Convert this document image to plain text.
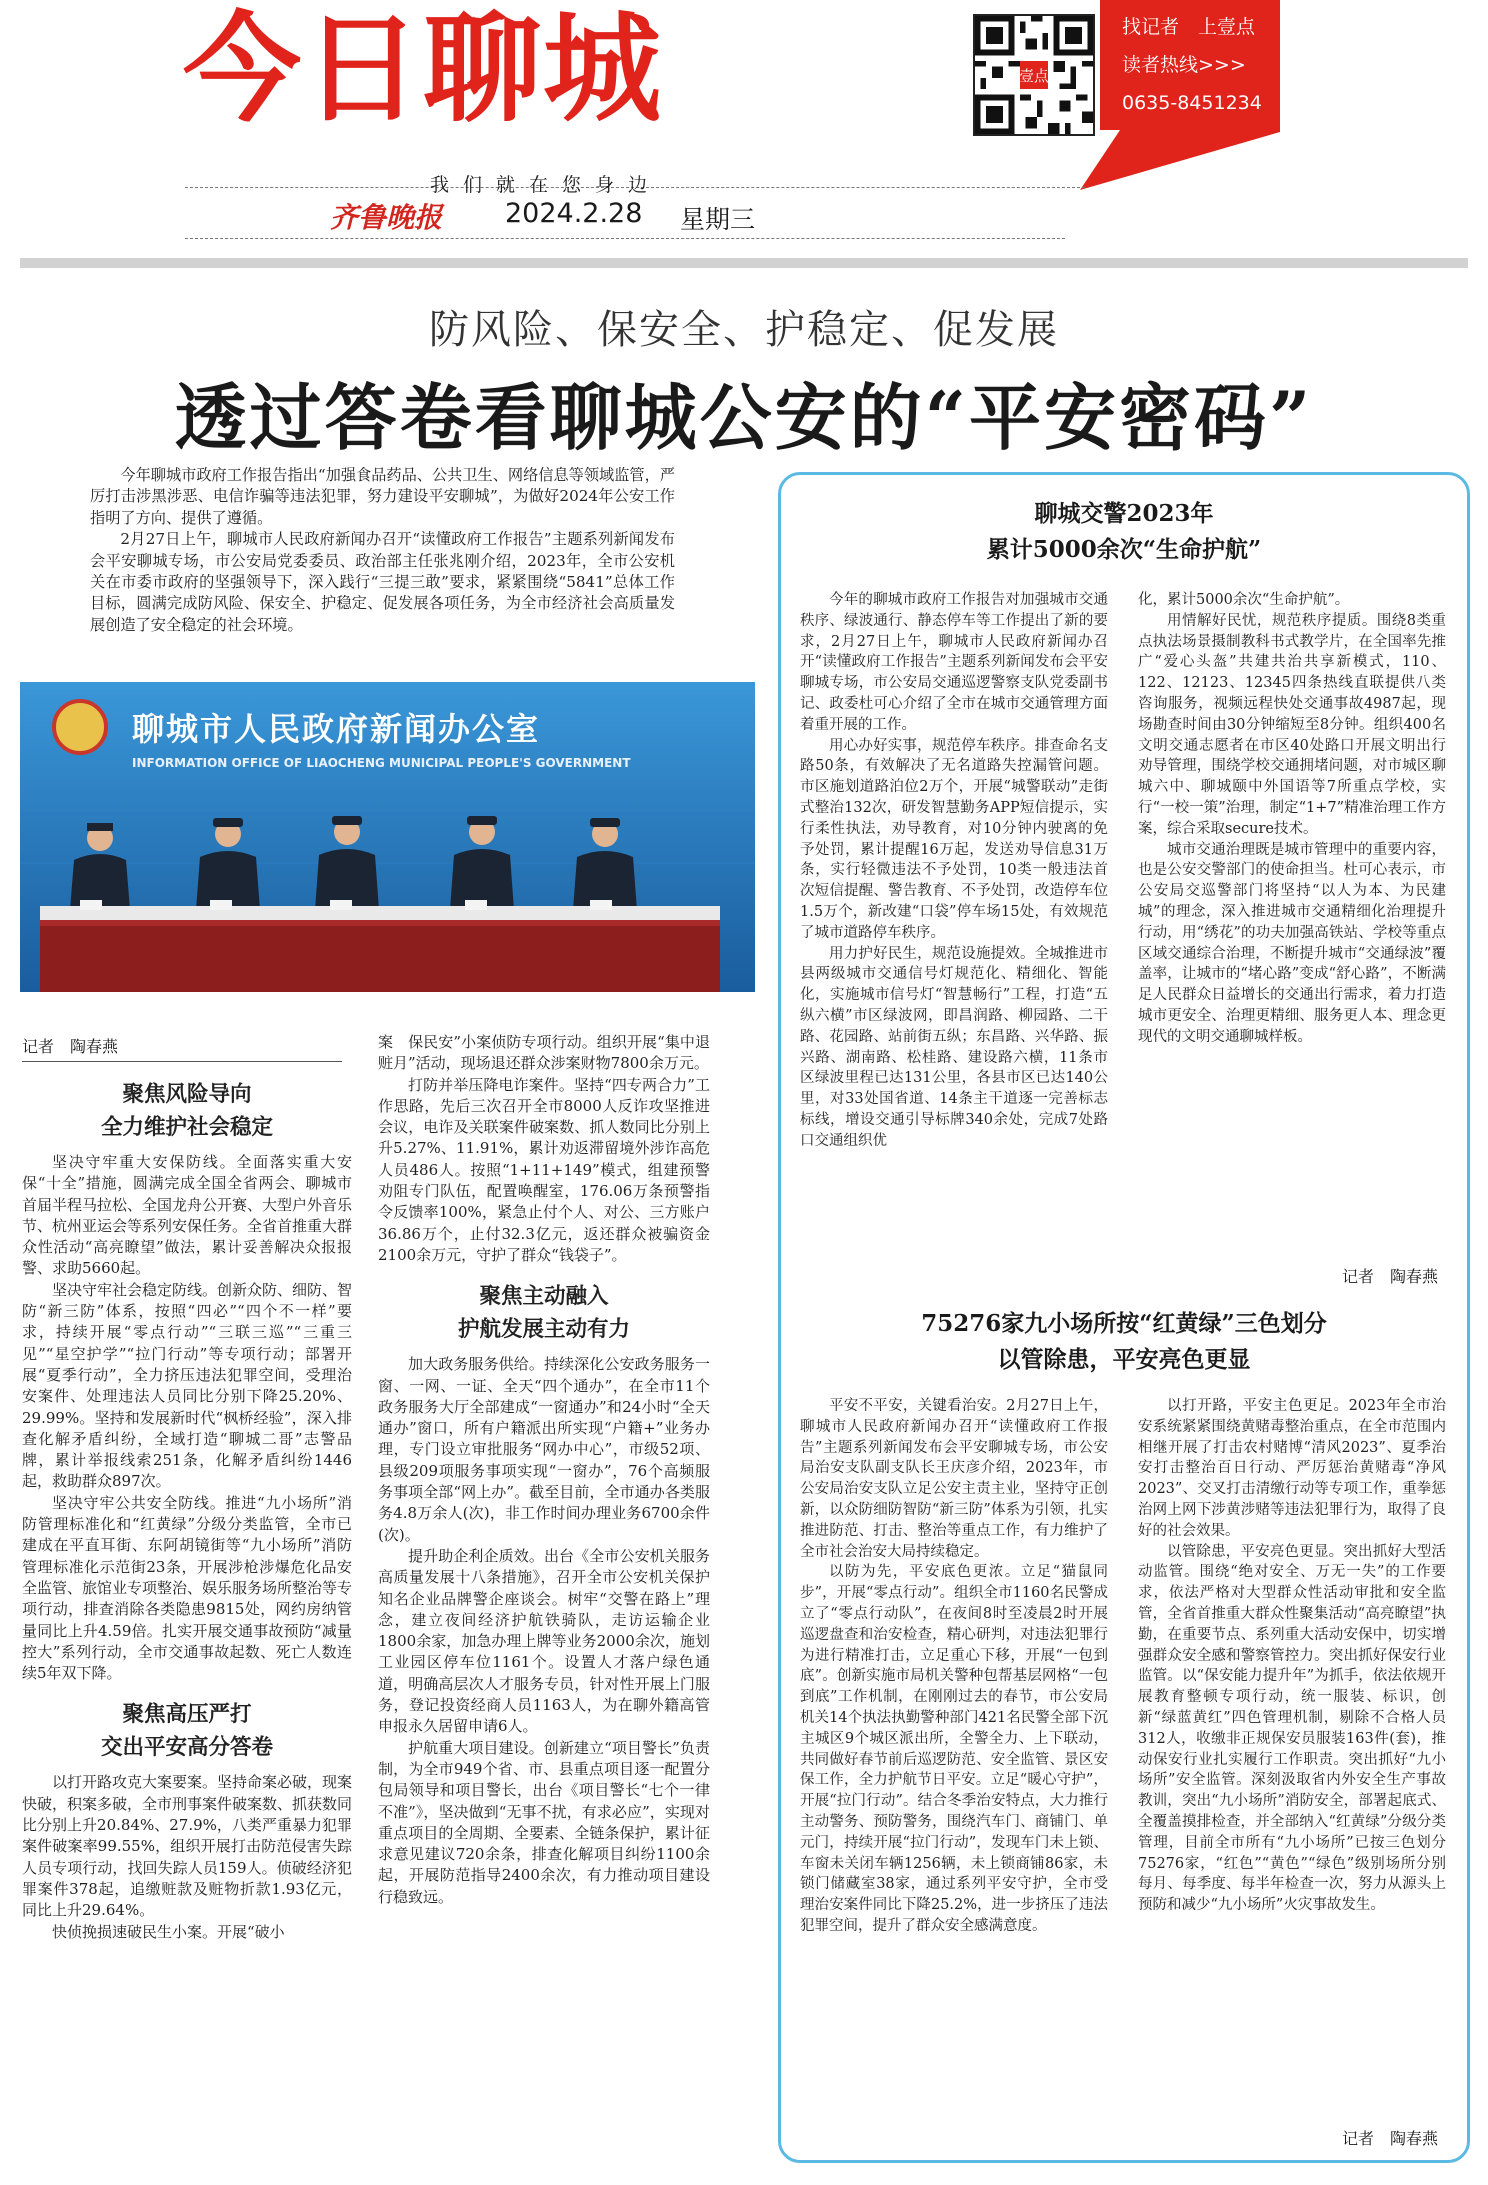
今日聊城	壹点
找记者　上壹点
读者热线>>>
0635-8451234
我们就在您身边
齐鲁晚报 2024.2.28 星期三
防风险、保安全、护稳定、促发展
透过答卷看聊城公安的“平安密码”

今年聊城市政府工作报告指出“加强食品药品、公共卫生、网络信息等领域监管，严厉打击涉黑涉恶、电信诈骗等违法犯罪，努力建设平安聊城”，为做好2024年公安工作指明了方向、提供了遵循。

2月27日上午，聊城市人民政府新闻办召开“读懂政府工作报告”主题系列新闻发布会平安聊城专场，市公安局党委委员、政治部主任张兆刚介绍，2023年，全市公安机关在市委市政府的坚强领导下，深入践行“三提三敢”要求，紧紧围绕“5841”总体工作目标，圆满完成防风险、保安全、护稳定、促发展各项任务，为全市经济社会高质量发展创造了安全稳定的社会环境。

聊城市人民政府新闻办公室
INFORMATION OFFICE OF LIAOCHENG MUNICIPAL PEOPLE'S GOVERNMENT
记者　陶春燕
聚焦风险导向
全力维护社会稳定

坚决守牢重大安保防线。全面落实重大安保“十全”措施，圆满完成全国全省两会、聊城市首届半程马拉松、全国龙舟公开赛、大型户外音乐节、杭州亚运会等系列安保任务。全省首推重大群众性活动“高亮瞭望”做法，累计妥善解决众报报警、求助5660起。

坚决守牢社会稳定防线。创新众防、细防、智防“新三防”体系，按照“四必”“四个不一样”要求，持续开展“零点行动”“三联三巡”“三重三见”“星空护学”“拉门行动”等专项行动；部署开展“夏季行动”，全力挤压违法犯罪空间，受理治安案件、处理违法人员同比分别下降25.20%、29.99%。坚持和发展新时代“枫桥经验”，深入排查化解矛盾纠纷，全域打造“聊城二哥”志警品牌，累计举报线索251条，化解矛盾纠纷1446起，救助群众897次。

坚决守牢公共安全防线。推进“九小场所”消防管理标准化和“红黄绿”分级分类监管，全市已建成在平直耳街、东阿胡镜街等“九小场所”消防管理标准化示范街23条，开展涉枪涉爆危化品安全监管、旅馆业专项整治、娱乐服务场所整治等专项行动，排查消除各类隐患9815处，网约房纳管量同比上升4.59倍。扎实开展交通事故预防“减量控大”系列行动，全市交通事故起数、死亡人数连续5年双下降。

聚焦高压严打
交出平安高分答卷

以打开路攻克大案要案。坚持命案必破，现案快破，积案多破，全市刑事案件破案数、抓获数同比分别上升20.84%、27.9%，八类严重暴力犯罪案件破案率99.55%，组织开展打击防范侵害失踪人员专项行动，找回失踪人员159人。侦破经济犯罪案件378起，追缴赃款及赃物折款1.93亿元，同比上升29.64%。

快侦挽损速破民生小案。开展“破小

案　保民安”小案侦防专项行动。组织开展“集中退赃月”活动，现场退还群众涉案财物7800余万元。

打防并举压降电诈案件。坚持“四专两合力”工作思路，先后三次召开全市8000人反诈攻坚推进会议，电诈及关联案件破案数、抓人数同比分别上升5.27%、11.91%，累计劝返滞留境外涉诈高危人员486人。按照“1+11+149”模式，组建预警劝阻专门队伍，配置唤醒室，176.06万条预警指令反馈率100%，紧急止付个人、对公、三方账户36.86万个，止付32.3亿元，返还群众被骗资金2100余万元，守护了群众“钱袋子”。

聚焦主动融入
护航发展主动有力

加大政务服务供给。持续深化公安政务服务一窗、一网、一证、全天“四个通办”，在全市11个政务服务大厅全部建成“一窗通办”和24小时“全天通办”窗口，所有户籍派出所实现“户籍+”业务办理，专门设立审批服务“网办中心”，市级52项、县级209项服务事项实现“一窗办”，76个高频服务事项全部“网上办”。截至目前，全市通办各类服务4.8万余人(次)，非工作时间办理业务6700余件(次)。

提升助企利企质效。出台《全市公安机关服务高质量发展十八条措施》，召开全市公安机关保护知名企业品牌警企座谈会。树牢“交警在路上”理念，建立夜间经济护航铁骑队，走访运输企业1800余家，加急办理上牌等业务2000余次，施划工业园区停车位1161个。设置人才落户绿色通道，明确高层次人才服务专员，针对性开展上门服务，登记投资经商人员1163人，为在聊外籍高管申报永久居留申请6人。

护航重大项目建设。创新建立“项目警长”负责制，为全市949个省、市、县重点项目逐一配置分包局领导和项目警长，出台《项目警长“七个一律不准”》，坚决做到“无事不扰，有求必应”，实现对重点项目的全周期、全要素、全链条保护，累计征求意见建议720余条，排查化解项目纠纷1100余起，开展防范指导2400余次，有力推动项目建设行稳致远。

聊城交警2023年
累计5000余次“生命护航”

今年的聊城市政府工作报告对加强城市交通秩序、绿波通行、静态停车等工作提出了新的要求，2月27日上午，聊城市人民政府新闻办召开“读懂政府工作报告”主题系列新闻发布会平安聊城专场，市公安局交通巡逻警察支队党委副书记、政委杜可心介绍了全市在城市交通管理方面着重开展的工作。

用心办好实事，规范停车秩序。排查命名支路50条，有效解决了无名道路失控漏管问题。市区施划道路泊位2万个，开展“城警联动”走街式整治132次，研发智慧勤务APP短信提示，实行柔性执法，劝导教育，对10分钟内驶离的免予处罚，累计提醒16万起，发送劝导信息31万条，实行轻微违法不予处罚，10类一般违法首次短信提醒、警告教育、不予处罚，改造停车位1.5万个，新改建“口袋”停车场15处，有效规范了城市道路停车秩序。

用力护好民生，规范设施提效。全城推进市县两级城市交通信号灯规范化、精细化、智能化，实施城市信号灯“智慧畅行”工程，打造“五纵六横”市区绿波网，即昌润路、柳园路、二干路、花园路、站前街五纵；东昌路、兴华路、振兴路、湖南路、松桂路、建设路六横，11条市区绿波里程已达131公里，各县市区已达140公里，对33处国省道、14条主干道逐一完善标志标线，增设交通引导标牌340余处，完成7处路口交通组织优

化，累计5000余次“生命护航”。

用情解好民忧，规范秩序提质。围绕8类重点执法场景摄制教科书式教学片，在全国率先推广“爱心头盔”共建共治共享新模式，110、122、12123、12345四条热线直联提供八类咨询服务，视频远程快处交通事故4987起，现场勘查时间由30分钟缩短至8分钟。组织400名文明交通志愿者在市区40处路口开展文明出行劝导管理，围绕学校交通拥堵问题，对市城区聊城六中、聊城颐中外国语等7所重点学校，实行“一校一策”治理，制定“1+7”精准治理工作方案，综合采取secure技术。

城市交通治理既是城市管理中的重要内容，也是公安交警部门的使命担当。杜可心表示，市公安局交巡警部门将坚持“以人为本、为民建城”的理念，深入推进城市交通精细化治理提升行动，用“绣花”的功夫加强高铁站、学校等重点区域交通综合治理，不断提升城市“交通绿波”覆盖率，让城市的“堵心路”变成“舒心路”，不断满足人民群众日益增长的交通出行需求，着力打造城市更安全、治理更精细、服务更人本、理念更现代的文明交通聊城样板。

记者　陶春燕
75276家九小场所按“红黄绿”三色划分
以管除患，平安亮色更显

平安不平安，关键看治安。2月27日上午，聊城市人民政府新闻办召开“读懂政府工作报告”主题系列新闻发布会平安聊城专场，市公安局治安支队副支队长王庆彦介绍，2023年，市公安局治安支队立足公安主责主业，坚持守正创新，以众防细防智防“新三防”体系为引领，扎实推进防范、打击、整治等重点工作，有力维护了全市社会治安大局持续稳定。

以防为先，平安底色更浓。立足“猫鼠同步”，开展“零点行动”。组织全市1160名民警成立了“零点行动队”，在夜间8时至凌晨2时开展巡逻盘查和治安检查，精心研判，对违法犯罪行为进行精准打击，立足重心下移，开展“一包到底”。创新实施市局机关警种包帮基层网格“一包到底”工作机制，在刚刚过去的春节，市公安局机关14个执法执勤警种部门421名民警全部下沉主城区9个城区派出所，全警全力、上下联动，共同做好春节前后巡逻防范、安全监管、景区安保工作，全力护航节日平安。立足“暖心守护”，开展“拉门行动”。结合冬季治安特点，大力推行主动警务、预防警务，围绕汽车门、商铺门、单元门，持续开展“拉门行动”，发现车门未上锁、车窗未关闭车辆1256辆，未上锁商铺86家，未锁门储藏室38家，通过系列平安守护，全市受理治安案件同比下降25.2%，进一步挤压了违法犯罪空间，提升了群众安全感满意度。

以打开路，平安主色更足。2023年全市治安系统紧紧围绕黄赌毒整治重点，在全市范围内相继开展了打击农村赌博“清风2023”、夏季治安打击整治百日行动、严厉惩治黄赌毒“净风2023”、交叉打击清缴行动等专项工作，重拳惩治网上网下涉黄涉赌等违法犯罪行为，取得了良好的社会效果。

以管除患，平安亮色更显。突出抓好大型活动监管。围绕“绝对安全、万无一失”的工作要求，依法严格对大型群众性活动审批和安全监管，全省首推重大群众性聚集活动“高亮瞭望”执勤，在重要节点、系列重大活动安保中，切实增强群众安全感和警察管控力。突出抓好保安行业监管。以“保安能力提升年”为抓手，依法依规开展教育整顿专项行动，统一服装、标识，创新“绿蓝黄红”四色管理机制，剔除不合格人员312人，收缴非正规保安员服装163件(套)，推动保安行业扎实履行工作职责。突出抓好“九小场所”安全监管。深刻汲取省内外安全生产事故教训，突出“九小场所”消防安全，部署起底式、全覆盖摸排检查，并全部纳入“红黄绿”分级分类管理，目前全市所有“九小场所”已按三色划分75276家，“红色”“黄色”“绿色”级别场所分别每月、每季度、每半年检查一次，努力从源头上预防和减少“九小场所”火灾事故发生。

记者　陶春燕
